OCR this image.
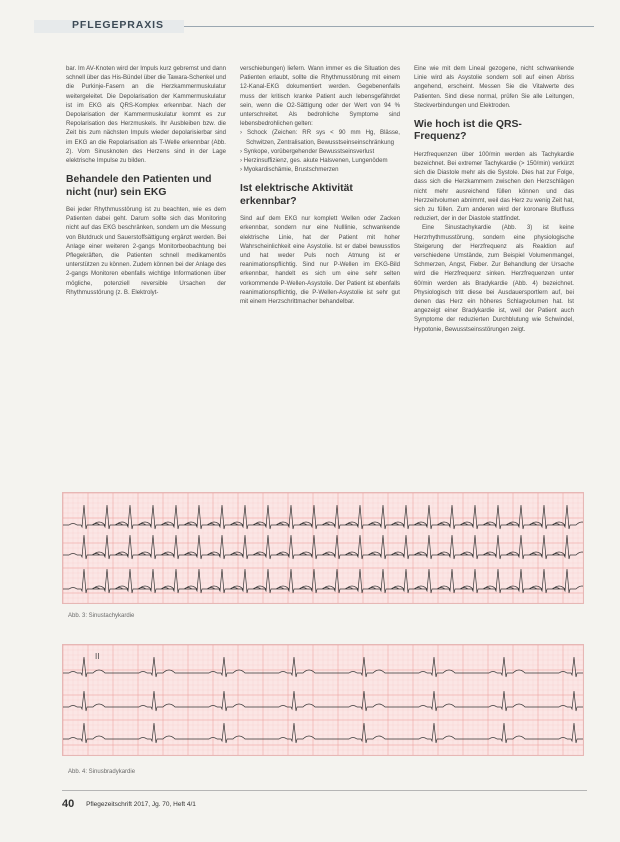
PFLEGEPRAXIS

bar. Im AV-Knoten wird der Impuls kurz gebremst und dann schnell über das His-Bündel über die Tawara-Schenkel und die Purkinje-Fasern an die Herzkammermuskulatur weitergeleitet. Die Depolarisation der Kammermuskulatur ist im EKG als QRS-Komplex erkennbar. Nach der Depolarisation der Kammermuskulatur kommt es zur Repolarisation des Herzmuskels. Ihr Ausbleiben bzw. die Zeit bis zum nächsten Impuls wieder depolarisierbar sind im EKG an die Repolarisation als T-Welle erkennbar (Abb. 2). Vom Sinusknoten des Herzens sind in der Lage elektrische Impulse zu bilden.

Behandele den Patienten und nicht (nur) sein EKG

Bei jeder Rhythmusstörung ist zu beachten, wie es dem Patienten dabei geht. Darum sollte sich das Monitoring nicht auf das EKG beschränken, sondern um die Messung von Blutdruck und Sauerstoffsättigung ergänzt werden. Bei Anlage einer weiteren 2-gangs Monitorbeobachtung bei Pflegekräften, die Patienten schnell medikamentös unterstützen zu können. Zudem können bei der Anlage des 2-gangs Monitoren ebenfalls wichtige Informationen über mögliche, potenziell reversible Ursachen der Rhythmusstörung (z. B. Elektrolyt-

verschiebungen) liefern. Wann immer es die Situation des Patienten erlaubt, sollte die Rhythmusstörung mit einem 12-Kanal-EKG dokumentiert werden. Gegebenenfalls muss der kritisch kranke Patient auch lebensgefährdet sein, wenn die O2-Sättigung oder der Wert von 94 % unterschreitet. Als bedrohliche Symptome sind lebensbedrohlichen gelten:

› Schock (Zeichen: RR sys < 90 mm Hg, Blässe, Schwitzen, Zentralisation, Bewusstseinseinschränkung
› Synkope, vorübergehender Bewusstseinsverlust
› Herzinsuffizienz, ges. akute Halsvenen, Lungenödem
› Myokardischämie, Brustschmerzen
Ist elektrische Aktivität erkennbar?

Sind auf dem EKG nur komplett Wellen oder Zacken erkennbar, sondern nur eine Nulllinie, schwankende elektrische Linie, hat der Patient mit hoher Wahrscheinlichkeit eine Asystolie. Ist er dabei bewusstlos und hat weder Puls noch Atmung ist er reanimationspflichtig. Sind nur P-Wellen im EKG-Bild erkennbar, handelt es sich um eine sehr selten vorkommende P-Wellen-Asystolie. Der Patient ist ebenfalls reanimationspflichtig, die P-Wellen-Asystolie ist sehr gut mit einem Herzschrittmacher behandelbar.

Eine wie mit dem Lineal gezogene, nicht schwankende Linie wird als Asystolie sondern soll auf einen Abriss angehend, erscheint. Messen Sie die Vitalwerte des Patienten. Sind diese normal, prüfen Sie alle Leitungen, Steckverbindungen und Elektroden.

Wie hoch ist die QRS-Frequenz?

Herzfrequenzen über 100/min werden als Tachykardie bezeichnet. Bei extremer Tachykardie (> 150/min) verkürzt sich die Diastole mehr als die Systole. Dies hat zur Folge, dass sich die Herzkammern zwischen den Herzschlägen nicht mehr ausreichend füllen können und das Herzzeitvolumen abnimmt, weil das Herz zu wenig Zeit hat, sich zu füllen. Zum anderen wird der koronare Blutfluss reduziert, der in der Diastole stattfindet.

Eine Sinustachykardie (Abb. 3) ist keine Herzrhythmusstörung, sondern eine physiologische Steigerung der Herzfrequenz als Reaktion auf verschiedene Umstände, zum Beispiel Volumenmangel, Schmerzen, Angst, Fieber. Zur Behandlung der Ursache wird die Herzfrequenz sinken. Herzfrequenzen unter 60/min werden als Bradykardie (Abb. 4) bezeichnet. Physiologisch tritt diese bei Ausdauersportlern auf, bei denen das Herz ein höheres Schlagvolumen hat. Ist angezeigt einer Bradykardie ist, weil der Patient auch Symptome der reduzierten Durchblutung wie Schwindel, Hypotonie, Bewusstseinsstörungen zeigt.

Abb. 3: Sinustachykardie
II
Abb. 4: Sinusbradykardie
40 Pflegezeitschrift 2017, Jg. 70, Heft 4/1
